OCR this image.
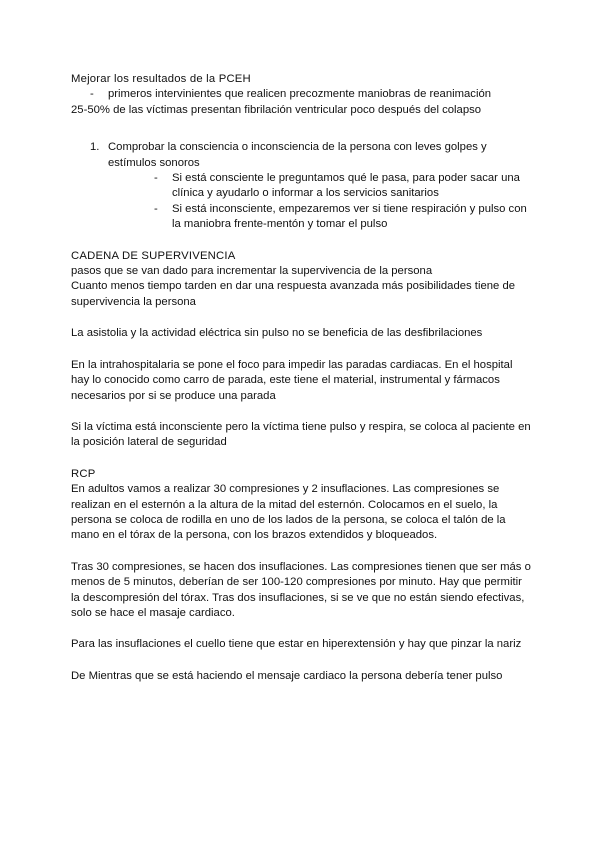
Mejorar los resultados de la PCEH

-	primeros intervinientes que realicen precozmente maniobras de reanimación

25-50% de las víctimas presentan fibrilación ventricular poco después del colapso

1. Comprobar la consciencia o inconsciencia de la persona con leves golpes y estímulos sonoros
-	Si está consciente le preguntamos qué le pasa, para poder sacar una clínica y ayudarlo o informar a los servicios sanitarios
-	Si está inconsciente, empezaremos ver si tiene respiración y pulso con la maniobra frente-mentón y tomar el pulso

CADENA DE SUPERVIVENCIA

pasos que se van dado para incrementar la supervivencia de la persona

Cuanto menos tiempo tarden en dar una respuesta avanzada más posibilidades tiene de supervivencia la persona

La asistolia y la actividad eléctrica sin pulso no se beneficia de las desfibrilaciones

En la intrahospitalaria se pone el foco para impedir las paradas cardiacas. En el hospital hay lo conocido como carro de parada, este tiene el material, instrumental y fármacos necesarios por si se produce una parada

Si la víctima está inconsciente pero la víctima tiene pulso y respira, se coloca al paciente en la posición lateral de seguridad

RCP

En adultos vamos a realizar 30 compresiones y 2 insuflaciones. Las compresiones se realizan en el esternón a la altura de la mitad del esternón. Colocamos en el suelo, la persona se coloca de rodilla en uno de los lados de la persona, se coloca el talón de la mano en el tórax de la persona, con los brazos extendidos y bloqueados.

Tras 30 compresiones, se hacen dos insuflaciones. Las compresiones tienen que ser más o menos de 5 minutos, deberían de ser 100-120 compresiones por minuto. Hay que permitir la descompresión del tórax. Tras dos insuflaciones, si se ve que no están siendo efectivas, solo se hace el masaje cardiaco.

Para las insuflaciones el cuello tiene que estar en hiperextensión y hay que pinzar la nariz

De Mientras que se está haciendo el mensaje cardiaco la persona debería tener pulso
